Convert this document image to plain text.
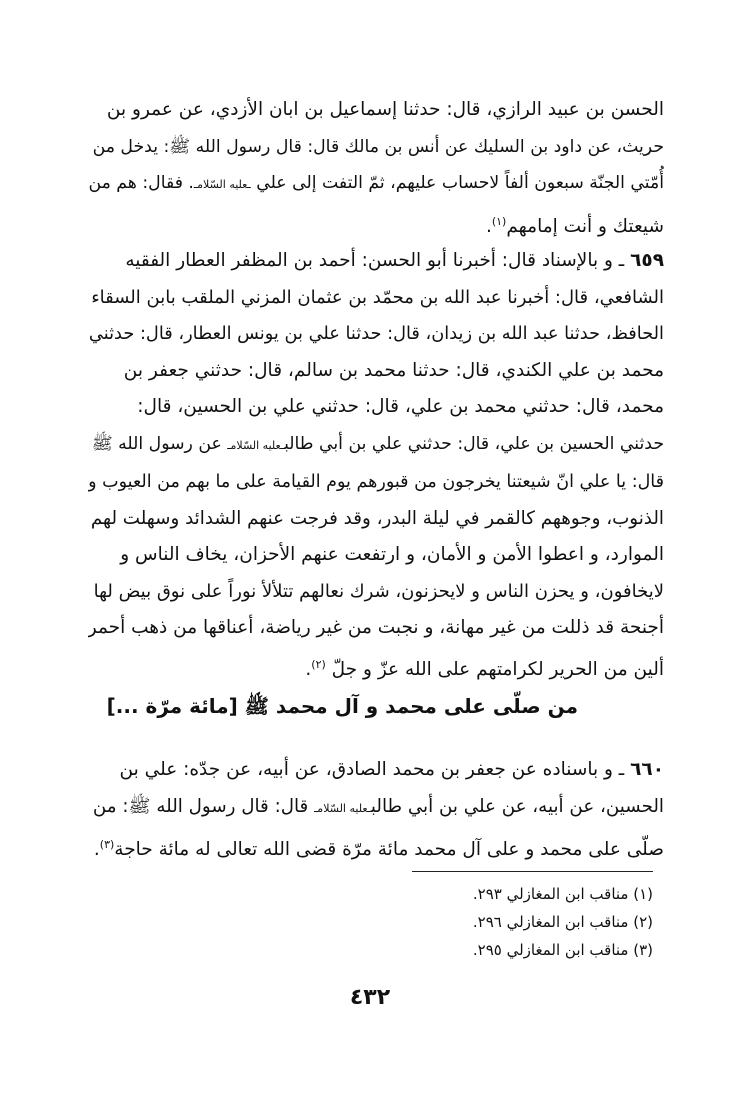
الحسن بن عبيد الرازي، قال: حدثنا إسماعيل بن ابان الأزدي، عن عمرو بن
حريث، عن داود بن السليك عن أنس بن مالك قال: قال رسول الله ﷺ: يدخل من
أُمّتي الجنّة سبعون ألفاً لاحساب عليهم، ثمّ التفت إلى علي ـعليه السّلامـ. فقال: هم من
شيعتك و أنت إمامهم$^{(١)}$.
٦٥٩ ـ و بالإسناد قال: أخبرنا أبو الحسن: أحمد بن المظفر العطار الفقيه
الشافعي، قال: أخبرنا عبد الله بن محمّد بن عثمان المزني الملقب بابن السقاء
الحافظ، حدثنا عبد الله بن زيدان، قال: حدثنا علي بن يونس العطار، قال: حدثني
محمد بن علي الكندي، قال: حدثنا محمد بن سالم، قال: حدثني جعفر بن
محمد، قال: حدثني محمد بن علي، قال: حدثني علي بن الحسين، قال:
حدثني الحسين بن علي، قال: حدثني علي بن أبي طالبـعليه السّلامـ عن رسول الله ﷺ
قال: يا علي انّ شيعتنا يخرجون من قبورهم يوم القيامة على ما بهم من العيوب و
الذنوب، وجوههم كالقمر في ليلة البدر، وقد فرجت عنهم الشدائد وسهلت لهم
الموارد، و اعطوا الأمن و الأمان، و ارتفعت عنهم الأحزان، يخاف الناس و
لايخافون، و يحزن الناس و لايحزنون، شرك نعالهم تتلألأ نوراً على نوق بيض لها
أجنحة قد ذللت من غير مهانة، و نجبت من غير رياضة، أعناقها من ذهب أحمر
ألين من الحرير لكرامتهم على الله عزّ و جلّ $^{(٢)}$.
من صلّى على محمد و آل محمد ﷺ [مائة مرّة ...]
٦٦٠ ـ و باسناده عن جعفر بن محمد الصادق، عن أبيه، عن جدّه: علي بن
الحسين، عن أبيه، عن علي بن أبي طالبـعليه السّلامـ قال: قال رسول الله ﷺ: من
صلّى على محمد و على آل محمد مائة مرّة قضى الله تعالى له مائة حاجة$^{(٣)}$.
(١) مناقب ابن المغازلي ٢٩٣.
(٢) مناقب ابن المغازلي ٢٩٦.
(٣) مناقب ابن المغازلي ٢٩٥.
٤٣٢
